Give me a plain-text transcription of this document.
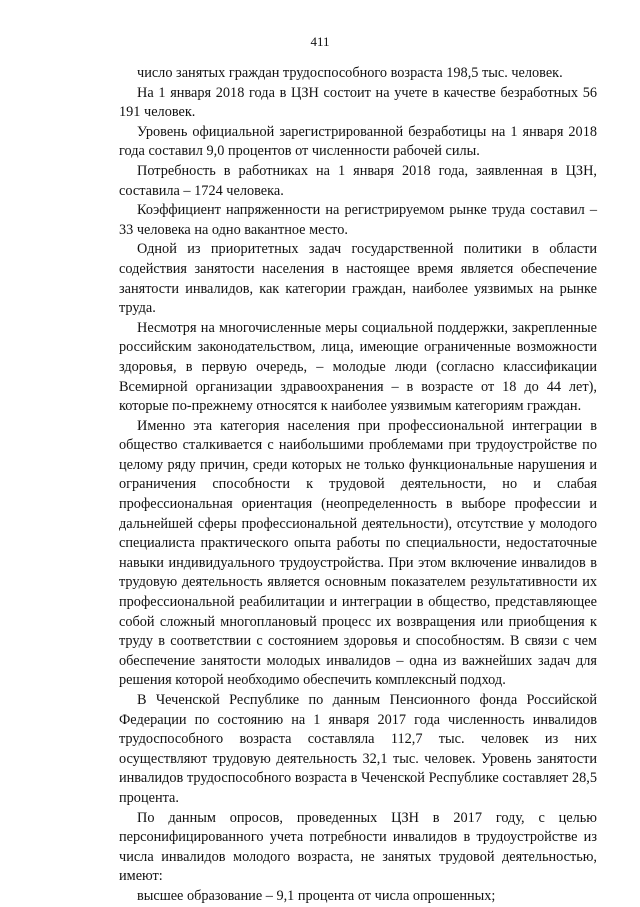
411

число занятых граждан трудоспособного возраста 198,5 тыс. человек.

На 1 января 2018 года в ЦЗН состоит на учете в качестве безработных 56 191 человек.

Уровень официальной зарегистрированной безработицы на 1 января 2018 года составил 9,0 процентов от численности рабочей силы.

Потребность в работниках на 1 января 2018 года, заявленная в ЦЗН, составила – 1724 человека.

Коэффициент напряженности на регистрируемом рынке труда составил – 33 человека на одно вакантное место.

Одной из приоритетных задач государственной политики в области содействия занятости населения в настоящее время является обеспечение занятости инвалидов, как категории граждан, наиболее уязвимых на рынке труда.

Несмотря на многочисленные меры социальной поддержки, закрепленные российским законодательством, лица, имеющие ограниченные возможности здоровья, в первую очередь, – молодые люди (согласно классификации Всемирной организации здравоохранения – в возрасте от 18 до 44 лет), которые по-прежнему относятся к наиболее уязвимым категориям граждан.

Именно эта категория населения при профессиональной интеграции в общество сталкивается с наибольшими проблемами при трудоустройстве по целому ряду причин, среди которых не только функциональные нарушения и ограничения способности к трудовой деятельности, но и слабая профессиональная ориентация (неопределенность в выборе профессии и дальнейшей сферы профессиональной деятельности), отсутствие у молодого специалиста практического опыта работы по специальности, недостаточные навыки индивидуального трудоустройства. При этом включение инвалидов в трудовую деятельность является основным показателем результативности их профессиональной реабилитации и интеграции в общество, представляющее собой сложный многоплановый процесс их возвращения или приобщения к труду в соответствии с состоянием здоровья и способностям. В связи с чем обеспечение занятости молодых инвалидов – одна из важнейших задач для решения которой необходимо обеспечить комплексный подход.

В Чеченской Республике по данным Пенсионного фонда Российской Федерации по состоянию на 1 января 2017 года численность инвалидов трудоспособного возраста составляла 112,7 тыс. человек из них осуществляют трудовую деятельность 32,1 тыс. человек. Уровень занятости инвалидов трудоспособного возраста в Чеченской Республике составляет 28,5 процента.

По данным опросов, проведенных ЦЗН в 2017 году, с целью персонифицированного учета потребности инвалидов в трудоустройстве из числа инвалидов молодого возраста, не занятых трудовой деятельностью, имеют:

высшее образование – 9,1 процента от числа опрошенных;
